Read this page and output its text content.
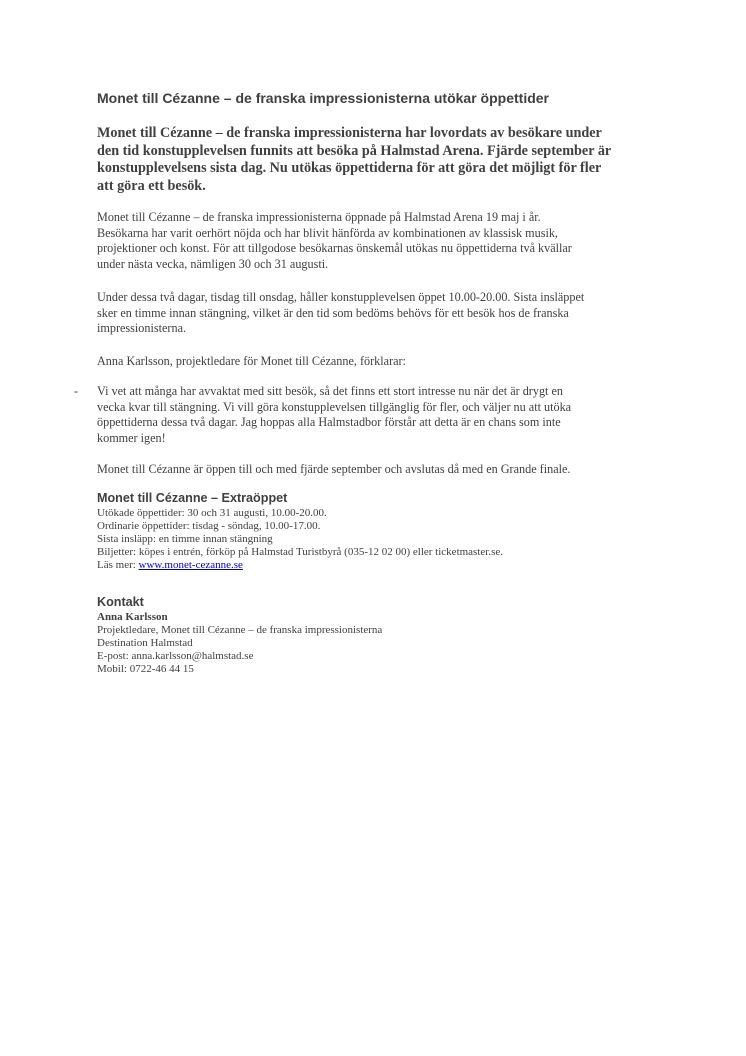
Monet till Cézanne – de franska impressionisterna utökar öppettider
Monet till Cézanne – de franska impressionisterna har lovordats av besökare under
den tid konstupplevelsen funnits att besöka på Halmstad Arena. Fjärde september är
konstupplevelsens sista dag. Nu utökas öppettiderna för att göra det möjligt för fler
att göra ett besök.
Monet till Cézanne – de franska impressionisterna öppnade på Halmstad Arena 19 maj i år.
Besökarna har varit oerhört nöjda och har blivit hänförda av kombinationen av klassisk musik,
projektioner och konst. För att tillgodose besökarnas önskemål utökas nu öppettiderna två kvällar
under nästa vecka, nämligen 30 och 31 augusti.
Under dessa två dagar, tisdag till onsdag, håller konstupplevelsen öppet 10.00-20.00. Sista insläppet
sker en timme innan stängning, vilket är den tid som bedöms behövs för ett besök hos de franska
impressionisterna.
Anna Karlsson, projektledare för Monet till Cézanne, förklarar:
- Vi vet att många har avvaktat med sitt besök, så det finns ett stort intresse nu när det är drygt en
vecka kvar till stängning. Vi vill göra konstupplevelsen tillgänglig för fler, och väljer nu att utöka
öppettiderna dessa två dagar. Jag hoppas alla Halmstadbor förstår att detta är en chans som inte
kommer igen!
Monet till Cézanne är öppen till och med fjärde september och avslutas då med en Grande finale.
Monet till Cézanne – Extraöppet
Utökade öppettider: 30 och 31 augusti, 10.00-20.00.
Ordinarie öppettider: tisdag - söndag, 10.00-17.00.
Sista insläpp: en timme innan stängning
Biljetter: köpes i entrén, förköp på Halmstad Turistbyrå (035-12 02 00) eller ticketmaster.se.
Läs mer: www.monet-cezanne.se
Kontakt
Anna Karlsson
Projektledare, Monet till Cézanne – de franska impressionisterna
Destination Halmstad
E-post: anna.karlsson@halmstad.se
Mobil: 0722-46 44 15
